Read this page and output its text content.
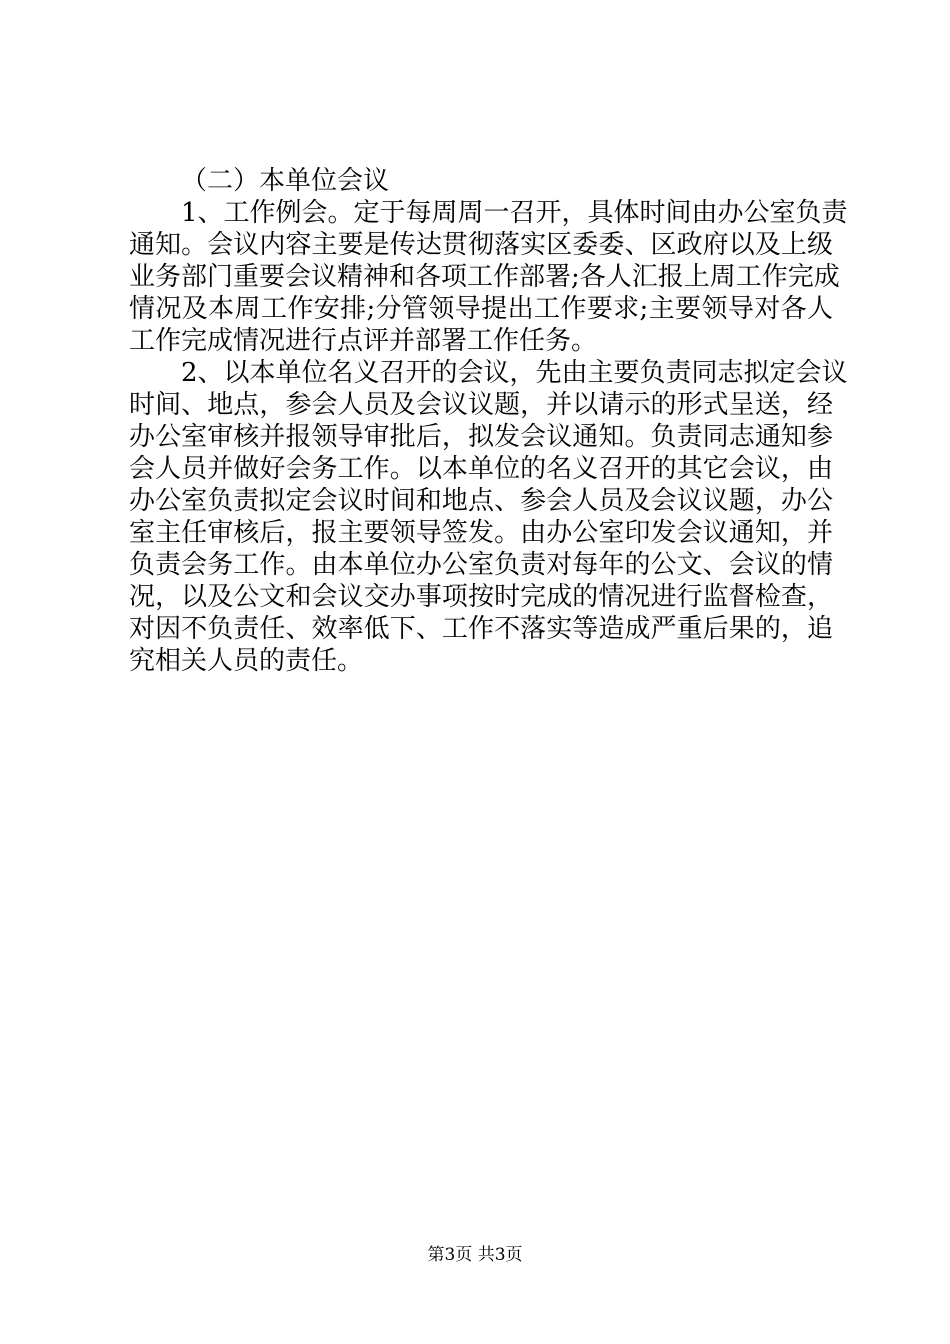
（二）本单位会议
1、工作例会。定于每周周一召开，具体时间由办公室负责
通知。会议内容主要是传达贯彻落实区委委、区政府以及上级
业务部门重要会议精神和各项工作部署;各人汇报上周工作完成
情况及本周工作安排;分管领导提出工作要求;主要领导对各人
工作完成情况进行点评并部署工作任务。
2、以本单位名义召开的会议，先由主要负责同志拟定会议
时间、地点，参会人员及会议议题，并以请示的形式呈送，经
办公室审核并报领导审批后，拟发会议通知。负责同志通知参
会人员并做好会务工作。以本单位的名义召开的其它会议，由
办公室负责拟定会议时间和地点、参会人员及会议议题，办公
室主任审核后，报主要领导签发。由办公室印发会议通知，并
负责会务工作。由本单位办公室负责对每年的公文、会议的情
况，以及公文和会议交办事项按时完成的情况进行监督检查，
对因不负责任、效率低下、工作不落实等造成严重后果的，追
究相关人员的责任。
第3页 共3页
